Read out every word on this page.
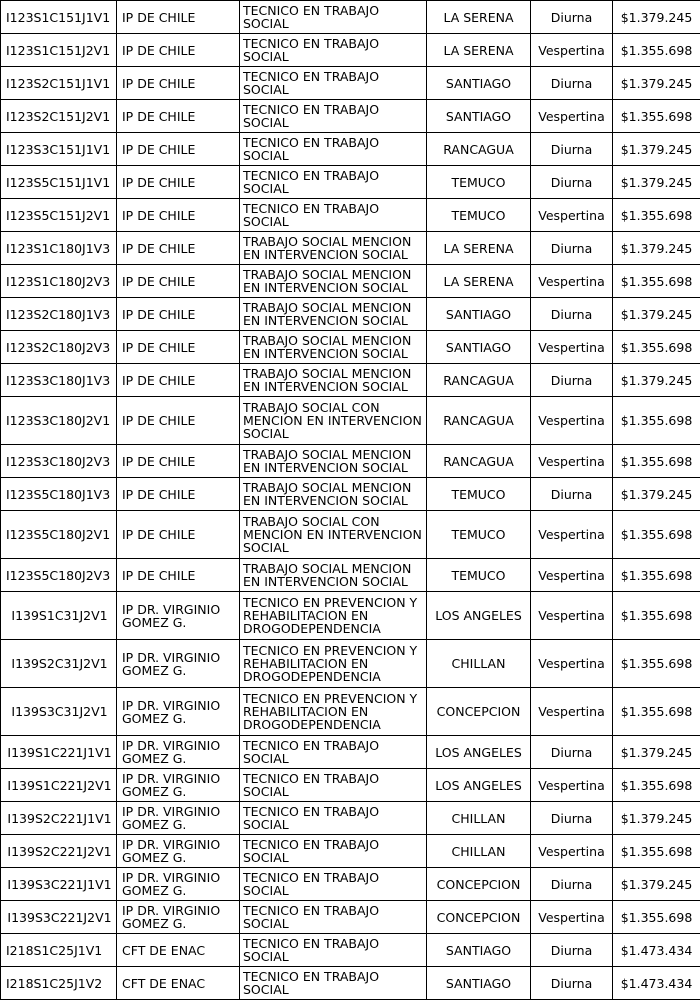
I123S1C151J1V1	IP DE CHILE	TECNICO EN TRABAJO SOCIAL	LA SERENA	Diurna	$1.379.245
I123S1C151J2V1	IP DE CHILE	TECNICO EN TRABAJO SOCIAL	LA SERENA	Vespertina	$1.355.698
I123S2C151J1V1	IP DE CHILE	TECNICO EN TRABAJO SOCIAL	SANTIAGO	Diurna	$1.379.245
I123S2C151J2V1	IP DE CHILE	TECNICO EN TRABAJO SOCIAL	SANTIAGO	Vespertina	$1.355.698
I123S3C151J1V1	IP DE CHILE	TECNICO EN TRABAJO SOCIAL	RANCAGUA	Diurna	$1.379.245
I123S5C151J1V1	IP DE CHILE	TECNICO EN TRABAJO SOCIAL	TEMUCO	Diurna	$1.379.245
I123S5C151J2V1	IP DE CHILE	TECNICO EN TRABAJO SOCIAL	TEMUCO	Vespertina	$1.355.698
I123S1C180J1V3	IP DE CHILE	TRABAJO SOCIAL MENCION EN INTERVENCION SOCIAL	LA SERENA	Diurna	$1.379.245
I123S1C180J2V3	IP DE CHILE	TRABAJO SOCIAL MENCION EN INTERVENCION SOCIAL	LA SERENA	Vespertina	$1.355.698
I123S2C180J1V3	IP DE CHILE	TRABAJO SOCIAL MENCION EN INTERVENCION SOCIAL	SANTIAGO	Diurna	$1.379.245
I123S2C180J2V3	IP DE CHILE	TRABAJO SOCIAL MENCION EN INTERVENCION SOCIAL	SANTIAGO	Vespertina	$1.355.698
I123S3C180J1V3	IP DE CHILE	TRABAJO SOCIAL MENCION EN INTERVENCION SOCIAL	RANCAGUA	Diurna	$1.379.245
I123S3C180J2V1	IP DE CHILE	TRABAJO SOCIAL CON MENCION EN INTERVENCION SOCIAL	RANCAGUA	Vespertina	$1.355.698
I123S3C180J2V3	IP DE CHILE	TRABAJO SOCIAL MENCION EN INTERVENCION SOCIAL	RANCAGUA	Vespertina	$1.355.698
I123S5C180J1V3	IP DE CHILE	TRABAJO SOCIAL MENCION EN INTERVENCION SOCIAL	TEMUCO	Diurna	$1.379.245
I123S5C180J2V1	IP DE CHILE	TRABAJO SOCIAL CON MENCION EN INTERVENCION SOCIAL	TEMUCO	Vespertina	$1.355.698
I123S5C180J2V3	IP DE CHILE	TRABAJO SOCIAL MENCION EN INTERVENCION SOCIAL	TEMUCO	Vespertina	$1.355.698
I139S1C31J2V1	IP DR. VIRGINIO GOMEZ G.	TECNICO EN PREVENCION Y REHABILITACION EN DROGODEPENDENCIA	LOS ANGELES	Vespertina	$1.355.698
I139S2C31J2V1	IP DR. VIRGINIO GOMEZ G.	TECNICO EN PREVENCION Y REHABILITACION EN DROGODEPENDENCIA	CHILLAN	Vespertina	$1.355.698
I139S3C31J2V1	IP DR. VIRGINIO GOMEZ G.	TECNICO EN PREVENCION Y REHABILITACION EN DROGODEPENDENCIA	CONCEPCION	Vespertina	$1.355.698
I139S1C221J1V1	IP DR. VIRGINIO GOMEZ G.	TECNICO EN TRABAJO SOCIAL	LOS ANGELES	Diurna	$1.379.245
I139S1C221J2V1	IP DR. VIRGINIO GOMEZ G.	TECNICO EN TRABAJO SOCIAL	LOS ANGELES	Vespertina	$1.355.698
I139S2C221J1V1	IP DR. VIRGINIO GOMEZ G.	TECNICO EN TRABAJO SOCIAL	CHILLAN	Diurna	$1.379.245
I139S2C221J2V1	IP DR. VIRGINIO GOMEZ G.	TECNICO EN TRABAJO SOCIAL	CHILLAN	Vespertina	$1.355.698
I139S3C221J1V1	IP DR. VIRGINIO GOMEZ G.	TECNICO EN TRABAJO SOCIAL	CONCEPCION	Diurna	$1.379.245
I139S3C221J2V1	IP DR. VIRGINIO GOMEZ G.	TECNICO EN TRABAJO SOCIAL	CONCEPCION	Vespertina	$1.355.698
I218S1C25J1V1	CFT DE ENAC	TECNICO EN TRABAJO SOCIAL	SANTIAGO	Diurna	$1.473.434
I218S1C25J1V2	CFT DE ENAC	TECNICO EN TRABAJO SOCIAL	SANTIAGO	Diurna	$1.473.434
